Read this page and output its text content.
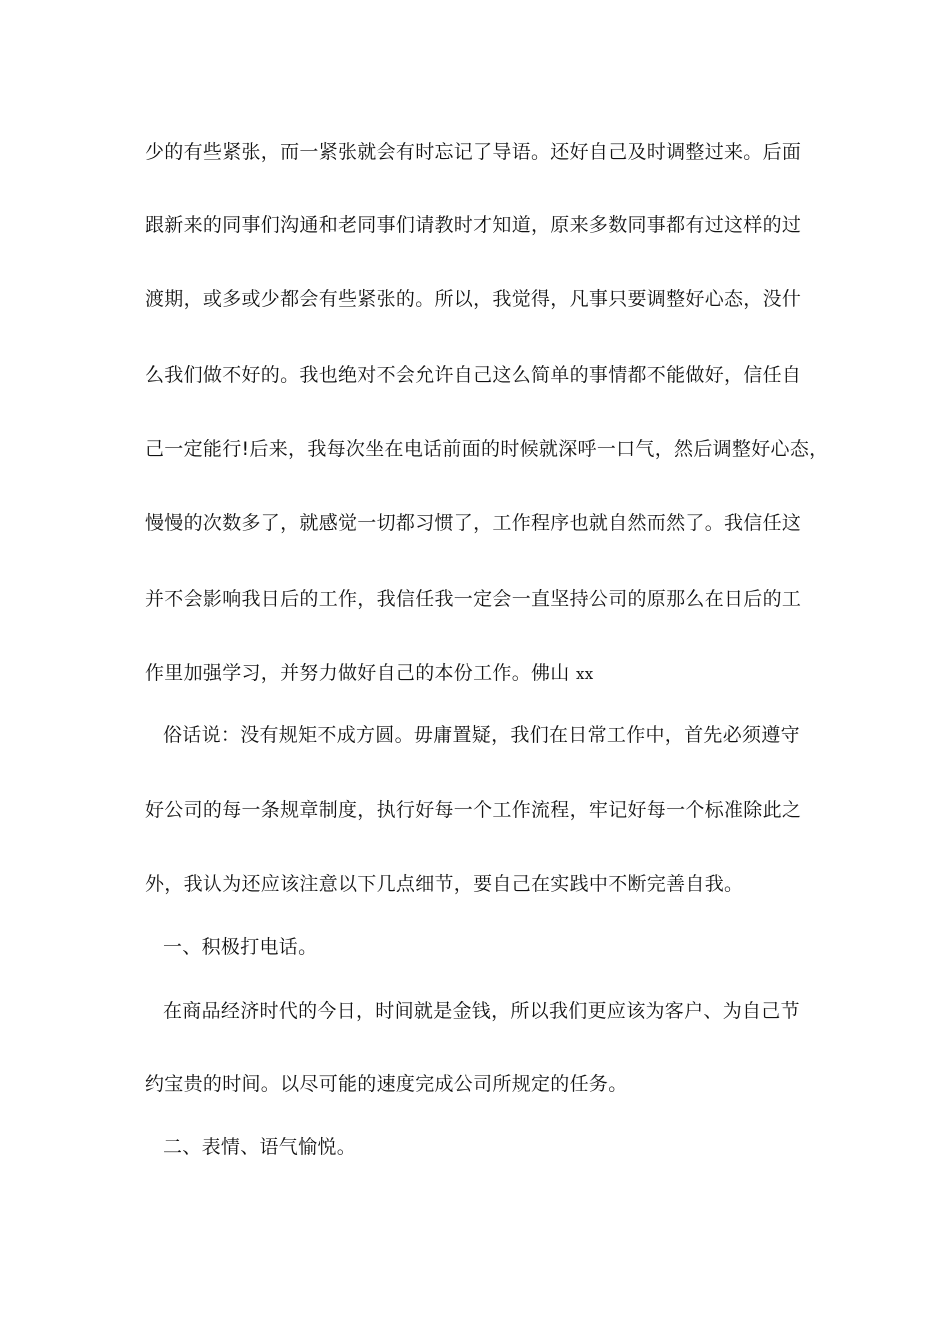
少的有些紧张，而一紧张就会有时忘记了导语。还好自己及时调整过来。后面
跟新来的同事们沟通和老同事们请教时才知道，原来多数同事都有过这样的过
渡期，或多或少都会有些紧张的。所以，我觉得，凡事只要调整好心态，没什
么我们做不好的。我也绝对不会允许自己这么简单的事情都不能做好，信任自
己一定能行!后来，我每次坐在电话前面的时候就深呼一口气，然后调整好心态，
慢慢的次数多了，就感觉一切都习惯了，工作程序也就自然而然了。我信任这
并不会影响我日后的工作，我信任我一定会一直坚持公司的原那么在日后的工
作里加强学习，并努力做好自己的本份工作。佛山 xx
俗话说：没有规矩不成方圆。毋庸置疑，我们在日常工作中，首先必须遵守
好公司的每一条规章制度，执行好每一个工作流程，牢记好每一个标准除此之
外，我认为还应该注意以下几点细节，要自己在实践中不断完善自我。
一、积极打电话。
在商品经济时代的今日，时间就是金钱，所以我们更应该为客户、为自己节
约宝贵的时间。以尽可能的速度完成公司所规定的任务。
二、表情、语气愉悦。
